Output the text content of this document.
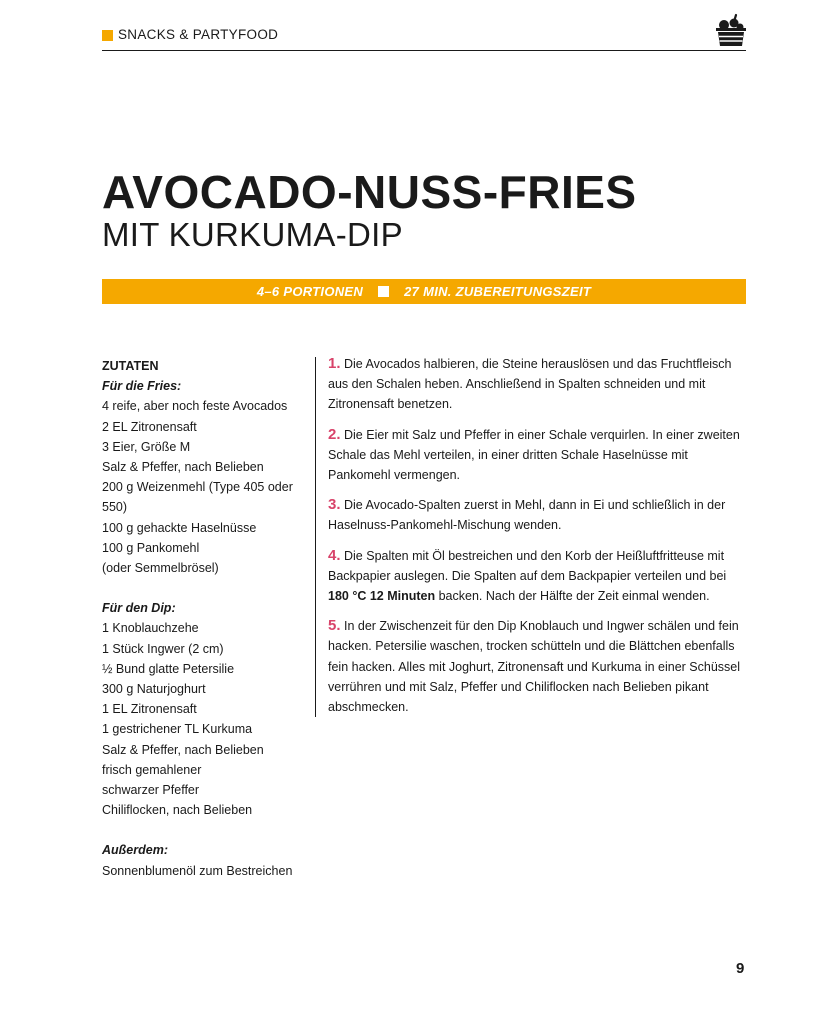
SNACKS & PARTYFOOD
AVOCADO-NUSS-FRIES
MIT KURKUMA-DIP
4–6 PORTIONEN	27 MIN. ZUBEREITUNGSZEIT
ZUTATEN
Für die Fries:
4 reife, aber noch feste Avocados
2 EL Zitronensaft
3 Eier, Größe M
Salz & Pfeffer, nach Belieben
200 g Weizenmehl (Type 405 oder
550)
100 g gehackte Haselnüsse
100 g Pankomehl
(oder Semmelbrösel)
Für den Dip:
1 Knoblauchzehe
1 Stück Ingwer (2 cm)
½ Bund glatte Petersilie
300 g Naturjoghurt
1 EL Zitronensaft
1 gestrichener TL Kurkuma
Salz & Pfeffer, nach Belieben
frisch gemahlener
schwarzer Pfeffer
Chiliflocken, nach Belieben
Außerdem:
Sonnenblumenöl zum Bestreichen

1. Die Avocados halbieren, die Steine herauslösen und das Fruchtfleisch aus den Schalen heben. Anschließend in Spalten schneiden und mit Zitronensaft benetzen.

2. Die Eier mit Salz und Pfeffer in einer Schale verquirlen. In einer zweiten Schale das Mehl verteilen, in einer dritten Schale Haselnüsse mit Pankomehl vermengen.

3. Die Avocado-Spalten zuerst in Mehl, dann in Ei und schließlich in der Haselnuss-Pankomehl-Mischung wenden.

4. Die Spalten mit Öl bestreichen und den Korb der Heißluftfritteuse mit Backpapier auslegen. Die Spalten auf dem Backpapier verteilen und bei 180 °C 12 Minuten backen. Nach der Hälfte der Zeit einmal wenden.

5. In der Zwischenzeit für den Dip Knoblauch und Ingwer schälen und fein hacken. Petersilie waschen, trocken schütteln und die Blättchen ebenfalls fein hacken. Alles mit Joghurt, Zitronensaft und Kurkuma in einer Schüssel verrühren und mit Salz, Pfeffer und Chiliflocken nach Belieben pikant abschmecken.

9
